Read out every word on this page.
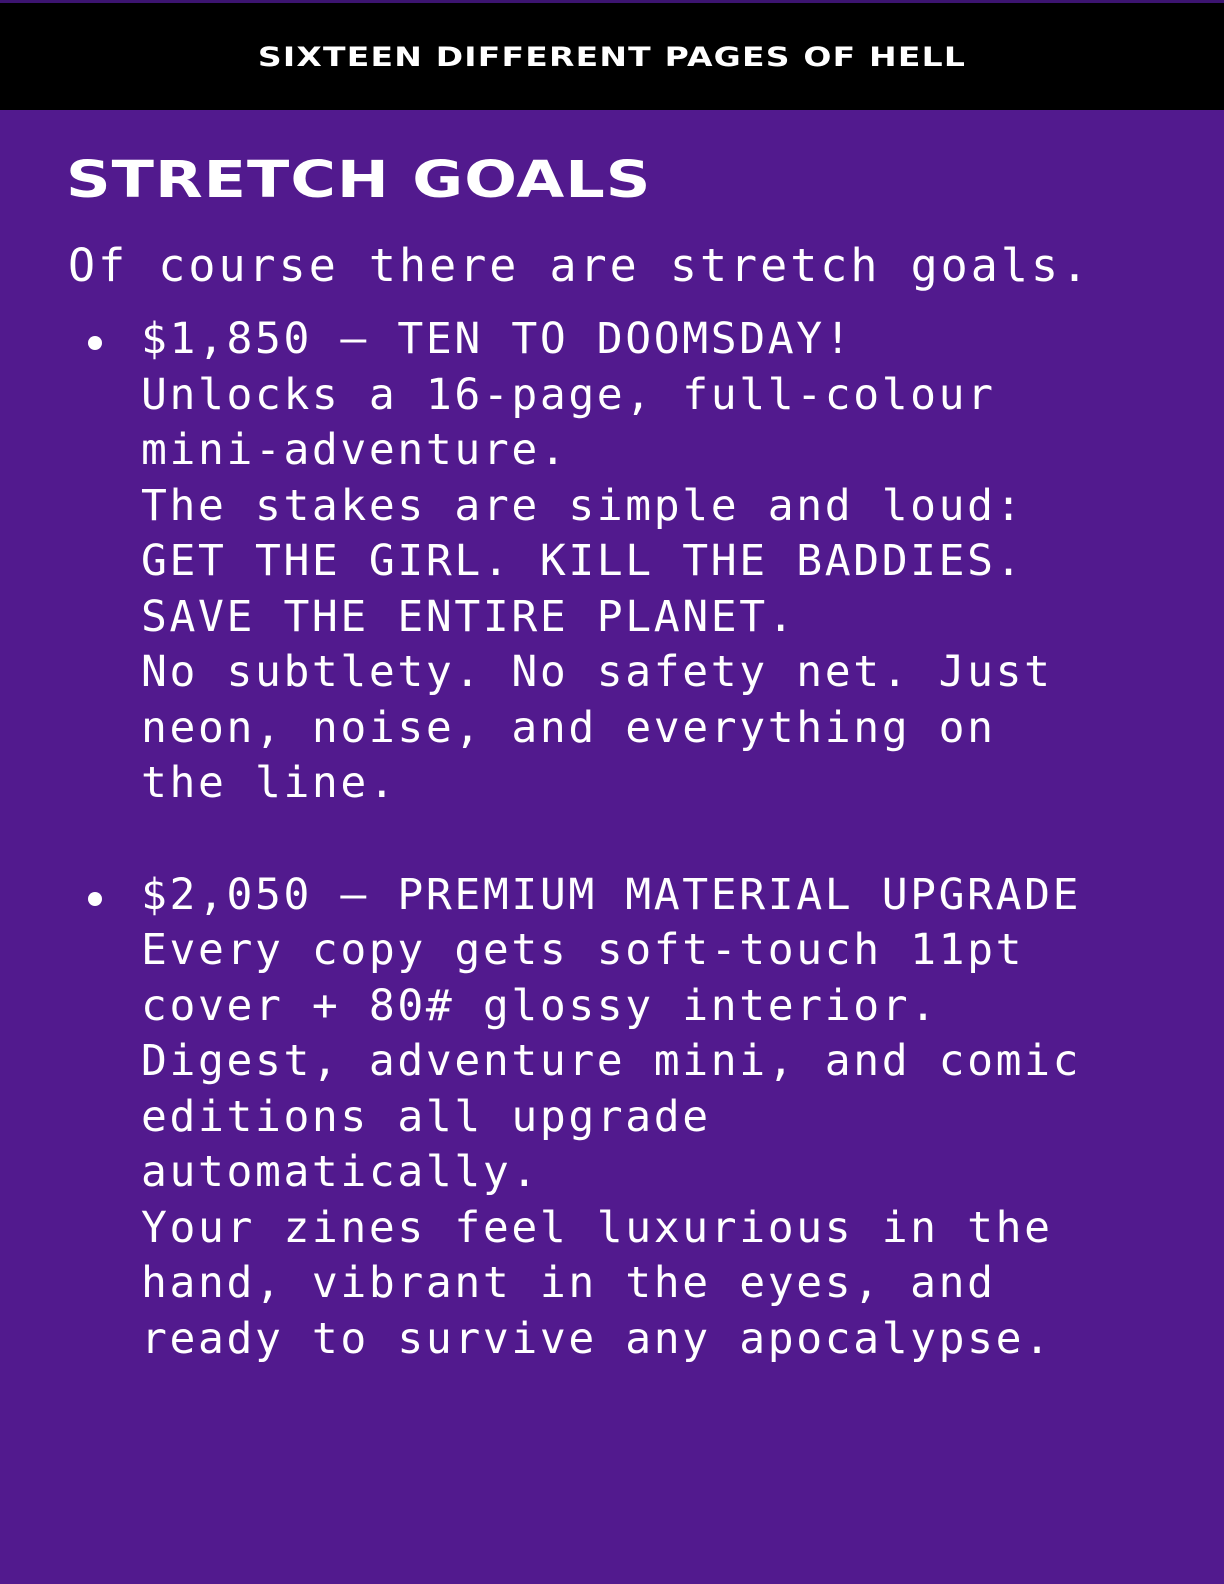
SIXTEEN DIFFERENT PAGES OF HELL
STRETCH GOALS

Of course there are stretch goals.

$1,850 — TEN TO DOOMSDAY!

Unlocks a 16-page, full-colour

mini-adventure.

The stakes are simple and loud:

GET THE GIRL. KILL THE BADDIES.

SAVE THE ENTIRE PLANET.

No subtlety. No safety net. Just

neon, noise, and everything on

the line.

$2,050 — PREMIUM MATERIAL UPGRADE

Every copy gets soft-touch 11pt

cover + 80# glossy interior.

Digest, adventure mini, and comic

editions all upgrade

automatically.

Your zines feel luxurious in the

hand, vibrant in the eyes, and

ready to survive any apocalypse.
